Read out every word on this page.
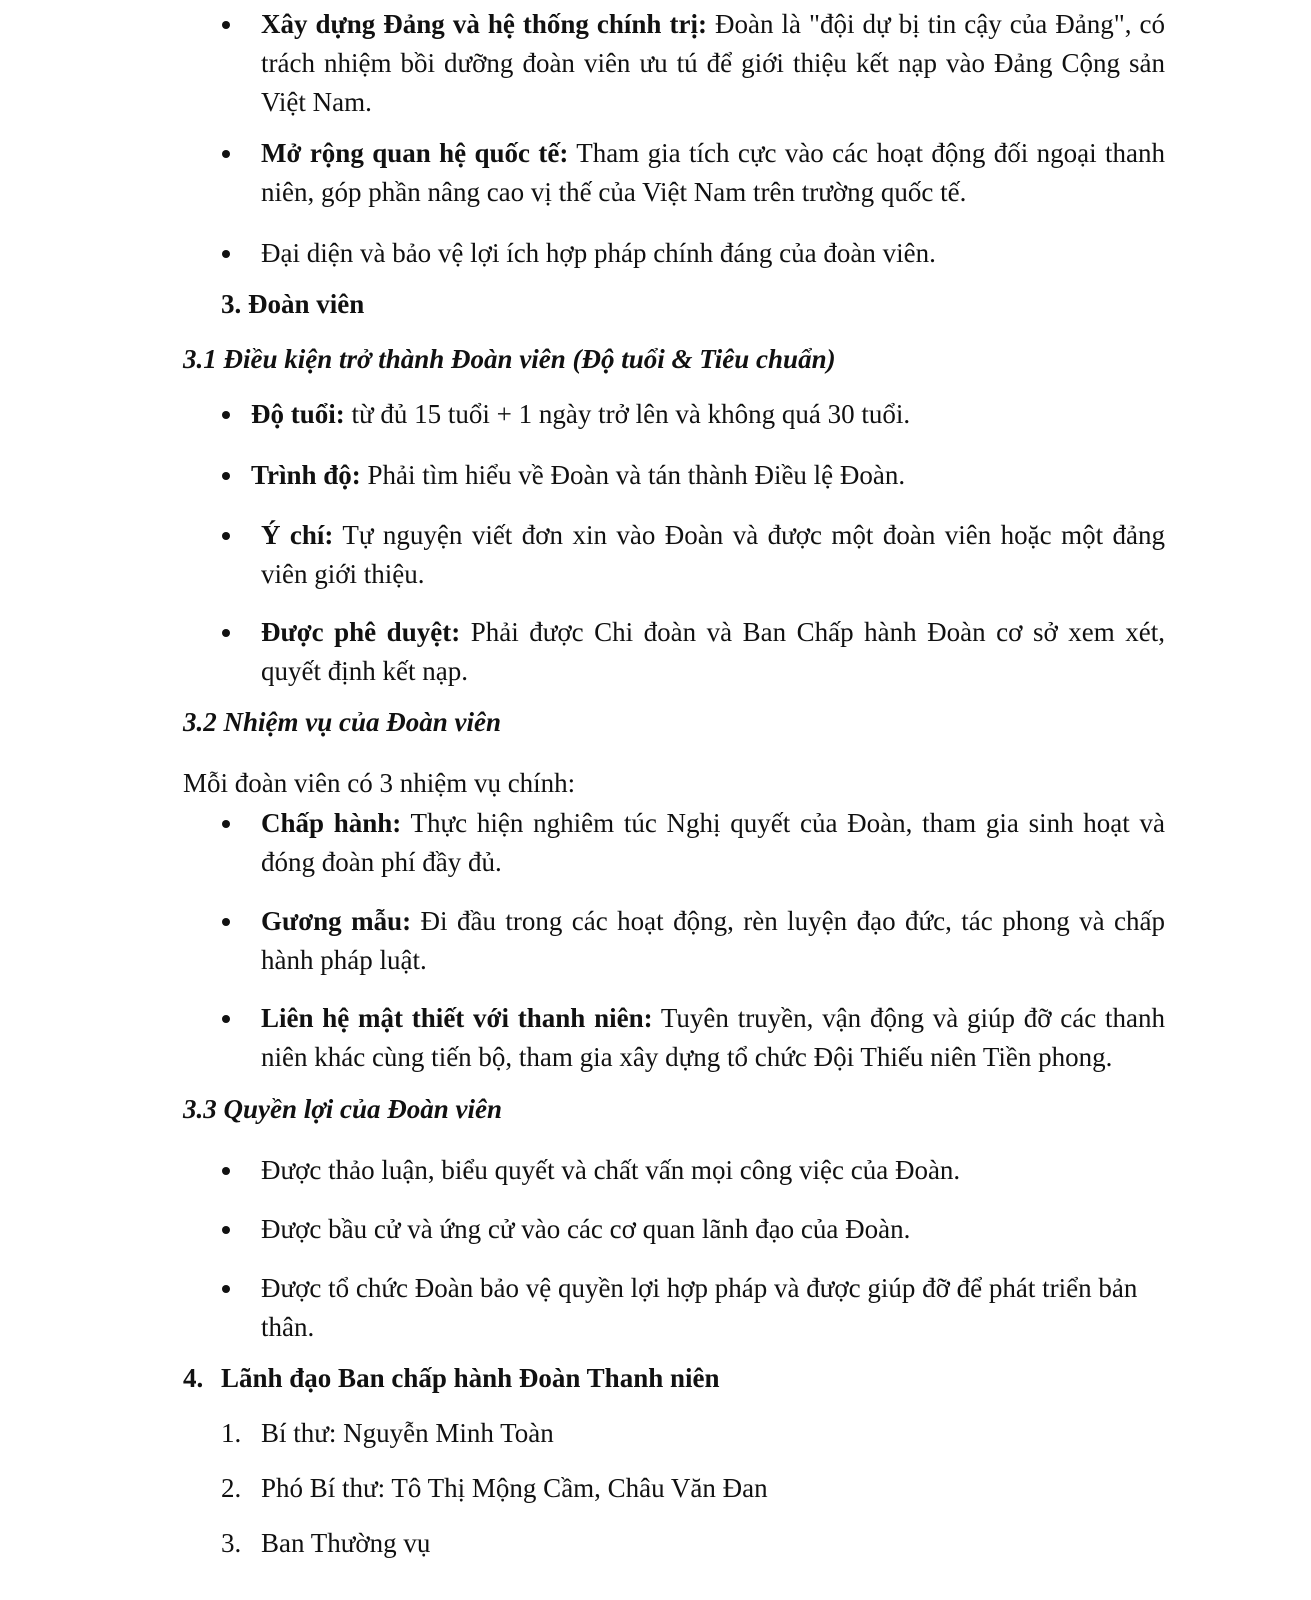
Xây dựng Đảng và hệ thống chính trị: Đoàn là "đội dự bị tin cậy của Đảng", có trách nhiệm bồi dưỡng đoàn viên ưu tú để giới thiệu kết nạp vào Đảng Cộng sản Việt Nam.
Mở rộng quan hệ quốc tế: Tham gia tích cực vào các hoạt động đối ngoại thanh niên, góp phần nâng cao vị thế của Việt Nam trên trường quốc tế.
Đại diện và bảo vệ lợi ích hợp pháp chính đáng của đoàn viên.
3. Đoàn viên
3.1 Điều kiện trở thành Đoàn viên (Độ tuổi & Tiêu chuẩn)
Độ tuổi: từ đủ 15 tuổi + 1 ngày trở lên và không quá 30 tuổi.
Trình độ: Phải tìm hiểu về Đoàn và tán thành Điều lệ Đoàn.
Ý chí: Tự nguyện viết đơn xin vào Đoàn và được một đoàn viên hoặc một đảng viên giới thiệu.
Được phê duyệt: Phải được Chi đoàn và Ban Chấp hành Đoàn cơ sở xem xét, quyết định kết nạp.
3.2 Nhiệm vụ của Đoàn viên
Mỗi đoàn viên có 3 nhiệm vụ chính:
Chấp hành: Thực hiện nghiêm túc Nghị quyết của Đoàn, tham gia sinh hoạt và đóng đoàn phí đầy đủ.
Gương mẫu: Đi đầu trong các hoạt động, rèn luyện đạo đức, tác phong và chấp hành pháp luật.
Liên hệ mật thiết với thanh niên: Tuyên truyền, vận động và giúp đỡ các thanh niên khác cùng tiến bộ, tham gia xây dựng tổ chức Đội Thiếu niên Tiền phong.
3.3 Quyền lợi của Đoàn viên
Được thảo luận, biểu quyết và chất vấn mọi công việc của Đoàn.
Được bầu cử và ứng cử vào các cơ quan lãnh đạo của Đoàn.
Được tổ chức Đoàn bảo vệ quyền lợi hợp pháp và được giúp đỡ để phát triển bản thân.
4. Lãnh đạo Ban chấp hành Đoàn Thanh niên
1. Bí thư: Nguyễn Minh Toàn
2. Phó Bí thư: Tô Thị Mộng Cầm, Châu Văn Đan
3. Ban Thường vụ
